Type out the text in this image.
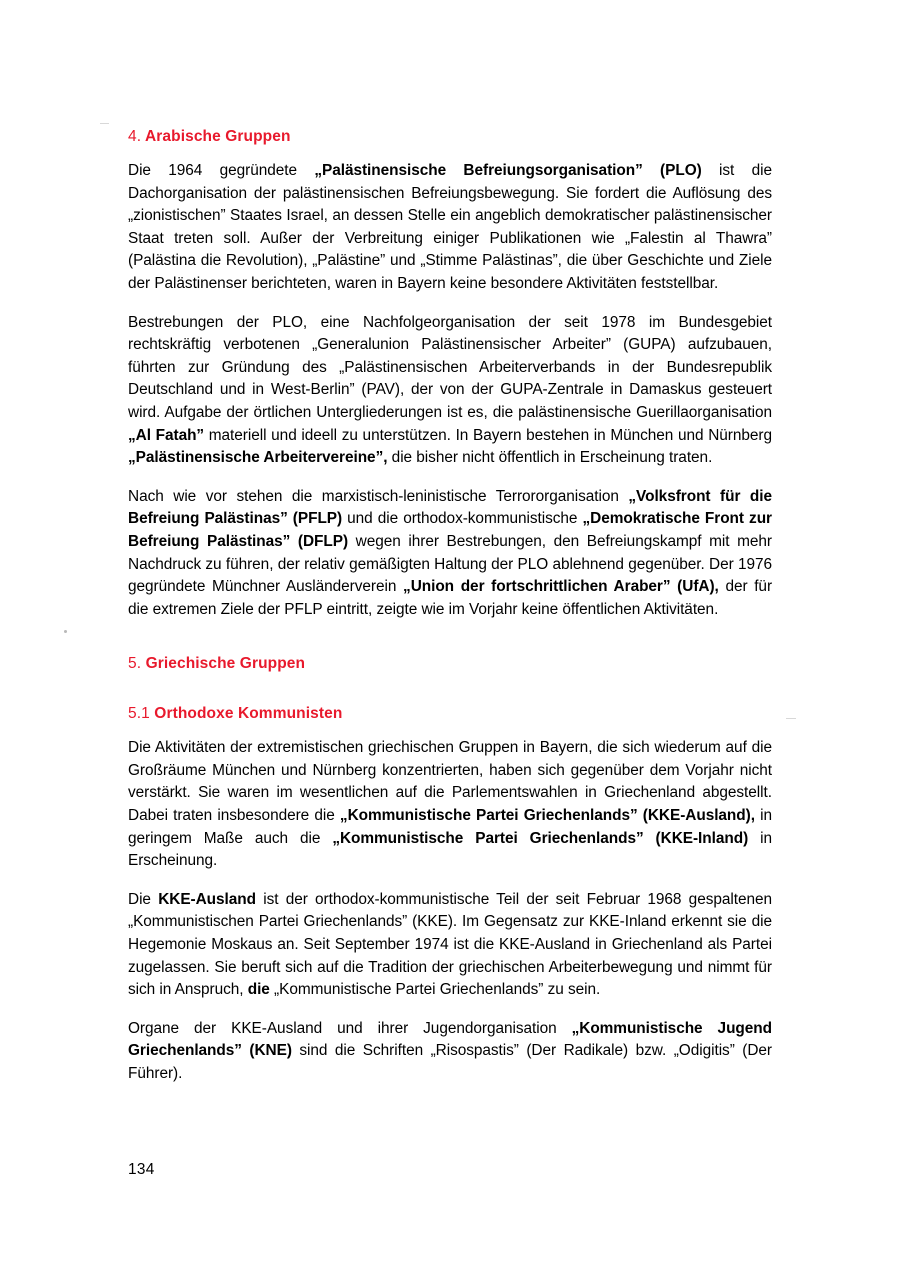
4. Arabische Gruppen

Die 1964 gegründete „Palästinensische Befreiungsorganisation” (PLO) ist die Dachorganisation der palästinensischen Befreiungsbewegung. Sie fordert die Auflösung des „zionistischen” Staates Israel, an dessen Stelle ein angeblich demokratischer palästinensischer Staat treten soll. Außer der Verbreitung einiger Publikationen wie „Falestin al Thawra” (Palästina die Revolution), „Palästine” und „Stimme Palästinas”, die über Geschichte und Ziele der Palästinenser berichteten, waren in Bayern keine besondere Aktivitäten feststellbar.

Bestrebungen der PLO, eine Nachfolgeorganisation der seit 1978 im Bundesgebiet rechtskräftig verbotenen „Generalunion Palästinensischer Arbeiter” (GUPA) aufzubauen, führten zur Gründung des „Palästinensischen Arbeiterverbands in der Bundesrepublik Deutschland und in West-Berlin” (PAV), der von der GUPA-Zentrale in Damaskus gesteuert wird. Aufgabe der örtlichen Untergliederungen ist es, die palästinensische Guerillaorganisation „Al Fatah” materiell und ideell zu unterstützen. In Bayern bestehen in München und Nürnberg „Palästinensische Arbeitervereine”, die bisher nicht öffentlich in Erscheinung traten.

Nach wie vor stehen die marxistisch-leninistische Terrororganisation „Volksfront für die Befreiung Palästinas” (PFLP) und die orthodox-kommunistische „Demokratische Front zur Befreiung Palästinas” (DFLP) wegen ihrer Bestrebungen, den Befreiungskampf mit mehr Nachdruck zu führen, der relativ gemäßigten Haltung der PLO ablehnend gegenüber. Der 1976 gegründete Münchner Ausländerverein „Union der fortschrittlichen Araber” (UfA), der für die extremen Ziele der PFLP eintritt, zeigte wie im Vorjahr keine öffentlichen Aktivitäten.

5. Griechische Gruppen
5.1 Orthodoxe Kommunisten

Die Aktivitäten der extremistischen griechischen Gruppen in Bayern, die sich wiederum auf die Großräume München und Nürnberg konzentrierten, haben sich gegenüber dem Vorjahr nicht verstärkt. Sie waren im wesentlichen auf die Parlementswahlen in Griechenland abgestellt. Dabei traten insbesondere die „Kommunistische Partei Griechenlands” (KKE-Ausland), in geringem Maße auch die „Kommunistische Partei Griechenlands” (KKE-Inland) in Erscheinung.

Die KKE-Ausland ist der orthodox-kommunistische Teil der seit Februar 1968 gespaltenen „Kommunistischen Partei Griechenlands” (KKE). Im Gegensatz zur KKE-Inland erkennt sie die Hegemonie Moskaus an. Seit September 1974 ist die KKE-Ausland in Griechenland als Partei zugelassen. Sie beruft sich auf die Tradition der griechischen Arbeiterbewegung und nimmt für sich in Anspruch, die „Kommunistische Partei Griechenlands” zu sein.

Organe der KKE-Ausland und ihrer Jugendorganisation „Kommunistische Jugend Griechenlands” (KNE) sind die Schriften „Risospastis” (Der Radikale) bzw. „Odigitis” (Der Führer).

134
